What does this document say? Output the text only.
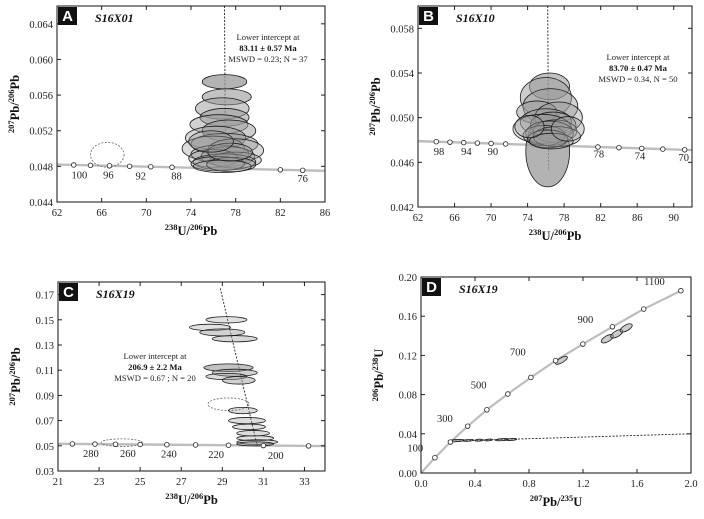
62	66	70	74	78	82	86
0.044
0.048
0.052
0.056
0.060
0.064
100 96 92 88	76
A S16X01
Lower intercept at
83.11 ± 0.57 Ma
MSWD = 0.23; N = 37
$^{238}$U/$^{206}$Pb
$^{207}$Pb/$^{206}$Pb
62 66 70 74 78 82 86 90
0.042
0.046
0.050
0.054
0.058
98 94 90	78	74	70
B S16X10
Lower intercept at
83.70 ± 0.47 Ma
MSWD = 0.34, N = 50
$^{238}$U/$^{206}$Pb
$^{207}$Pb/$^{206}$Pb
21	23	25	27	29	31	33
0.03
0.05
0.07
0.09
0.11
0.13
0.15
0.17
280 260 240	220	200
C S16X19
Lower intercept at
206.9 ± 2.2 Ma
MSWD = 0.67 ; N = 20
$^{238}$U/$^{206}$Pb
$^{207}$Pb/$^{206}$Pb
0.0	0.4	0.8	1.2	1.6	2.0
0.00
0.04
0.08
0.12
0.16
0.20
100
300
500
700
900
1100
D S16X19
$^{207}$Pb/$^{235}$U
$^{206}$Pb/$^{238}$U
